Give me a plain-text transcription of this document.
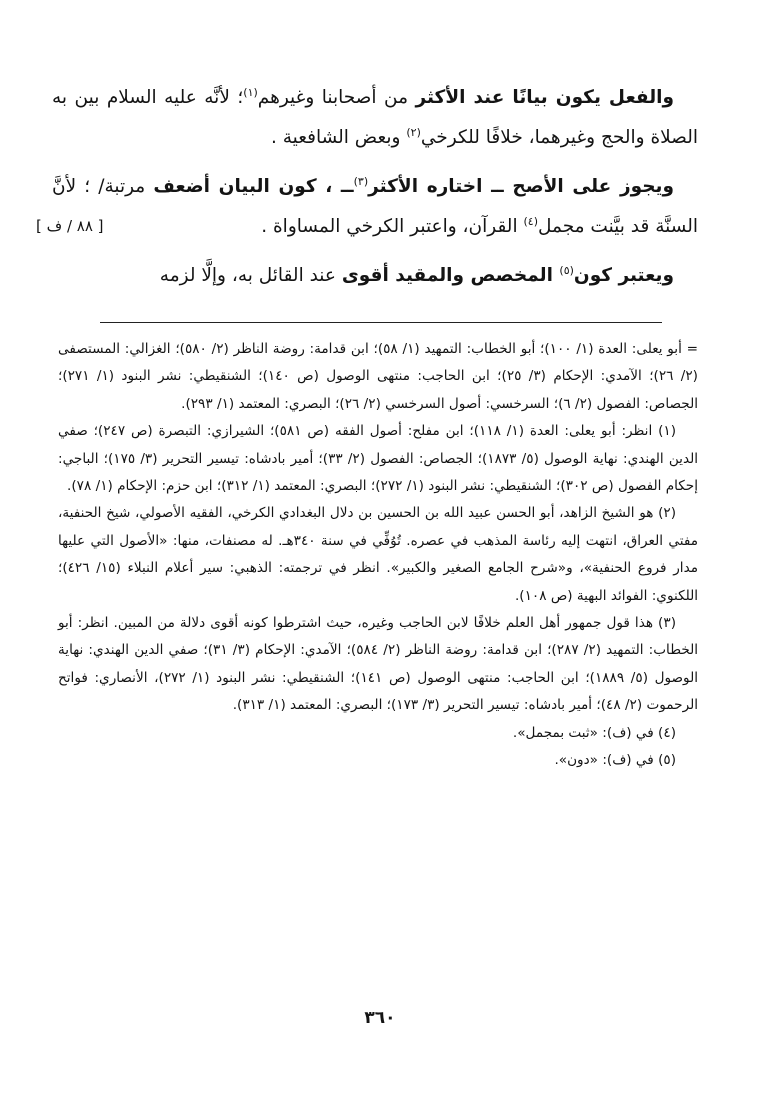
والفعل يكون بيانًا عند الأكثر من أصحابنا وغيرهم$^{(١)}$؛ لأنَّه عليه السلام بين به الصلاة والحج وغيرهما، خلافًا للكرخي$^{(٢)}$ وبعض الشافعية .

ويجوز على الأصح ــ اختاره الأكثر$^{(٣)}$ــ ، كون البيان أضعف مرتبة/ ؛ لأنَّ السنَّة قد بيَّنت مجمل$^{(٤)}$ القرآن، واعتبر الكرخي المساواة .

ويعتبر كون$^{(٥)}$ المخصص والمقيد أقوى عند القائل به، وإلَّا لزمه

[ ٨٨ / ف ]

= أبو يعلى: العدة (١/ ١٠٠)؛ أبو الخطاب: التمهيد (١/ ٥٨)؛ ابن قدامة: روضة الناظر (٢/ ٥٨٠)؛ الغزالي: المستصفى (٢/ ٢٦)؛ الآمدي: الإحكام (٣/ ٢٥)؛ ابن الحاجب: منتهى الوصول (ص ١٤٠)؛ الشنقيطي: نشر البنود (١/ ٢٧١)؛ الجصاص: الفصول (٢/ ٦)؛ السرخسي: أصول السرخسي (٢/ ٢٦)؛ البصري: المعتمد (١/ ٢٩٣).

(١) انظر: أبو يعلى: العدة (١/ ١١٨)؛ ابن مفلح: أصول الفقه (ص ٥٨١)؛ الشيرازي: التبصرة (ص ٢٤٧)؛ صفي الدين الهندي: نهاية الوصول (٥/ ١٨٧٣)؛ الجصاص: الفصول (٢/ ٣٣)؛ أمير بادشاه: تيسير التحرير (٣/ ١٧٥)؛ الباجي: إحكام الفصول (ص ٣٠٢)؛ الشنقيطي: نشر البنود (١/ ٢٧٢)؛ البصري: المعتمد (١/ ٣١٢)؛ ابن حزم: الإحكام (١/ ٧٨).

(٢) هو الشيخ الزاهد، أبو الحسن عبيد الله بن الحسين بن دلال البغدادي الكرخي، الفقيه الأصولي، شيخ الحنفية، مفتي العراق، انتهت إليه رئاسة المذهب في عصره. تُوُفِّي في سنة ٣٤٠هـ. له مصنفات، منها: «الأصول التي عليها مدار فروع الحنفية»، و«شرح الجامع الصغير والكبير». انظر في ترجمته: الذهبي: سير أعلام النبلاء (١٥/ ٤٢٦)؛ اللكنوي: الفوائد البهية (ص ١٠٨).

(٣) هذا قول جمهور أهل العلم خلافًا لابن الحاجب وغيره، حيث اشترطوا كونه أقوى دلالة من المبين. انظر: أبو الخطاب: التمهيد (٢/ ٢٨٧)؛ ابن قدامة: روضة الناظر (٢/ ٥٨٤)؛ الآمدي: الإحكام (٣/ ٣١)؛ صفي الدين الهندي: نهاية الوصول (٥/ ١٨٨٩)؛ ابن الحاجب: منتهى الوصول (ص ١٤١)؛ الشنقيطي: نشر البنود (١/ ٢٧٢)، الأنصاري: فواتح الرحموت (٢/ ٤٨)؛ أمير بادشاه: تيسير التحرير (٣/ ١٧٣)؛ البصري: المعتمد (١/ ٣١٣).

(٤) في (ف): «ثبت بمجمل».

(٥) في (ف): «دون».

٣٦٠
